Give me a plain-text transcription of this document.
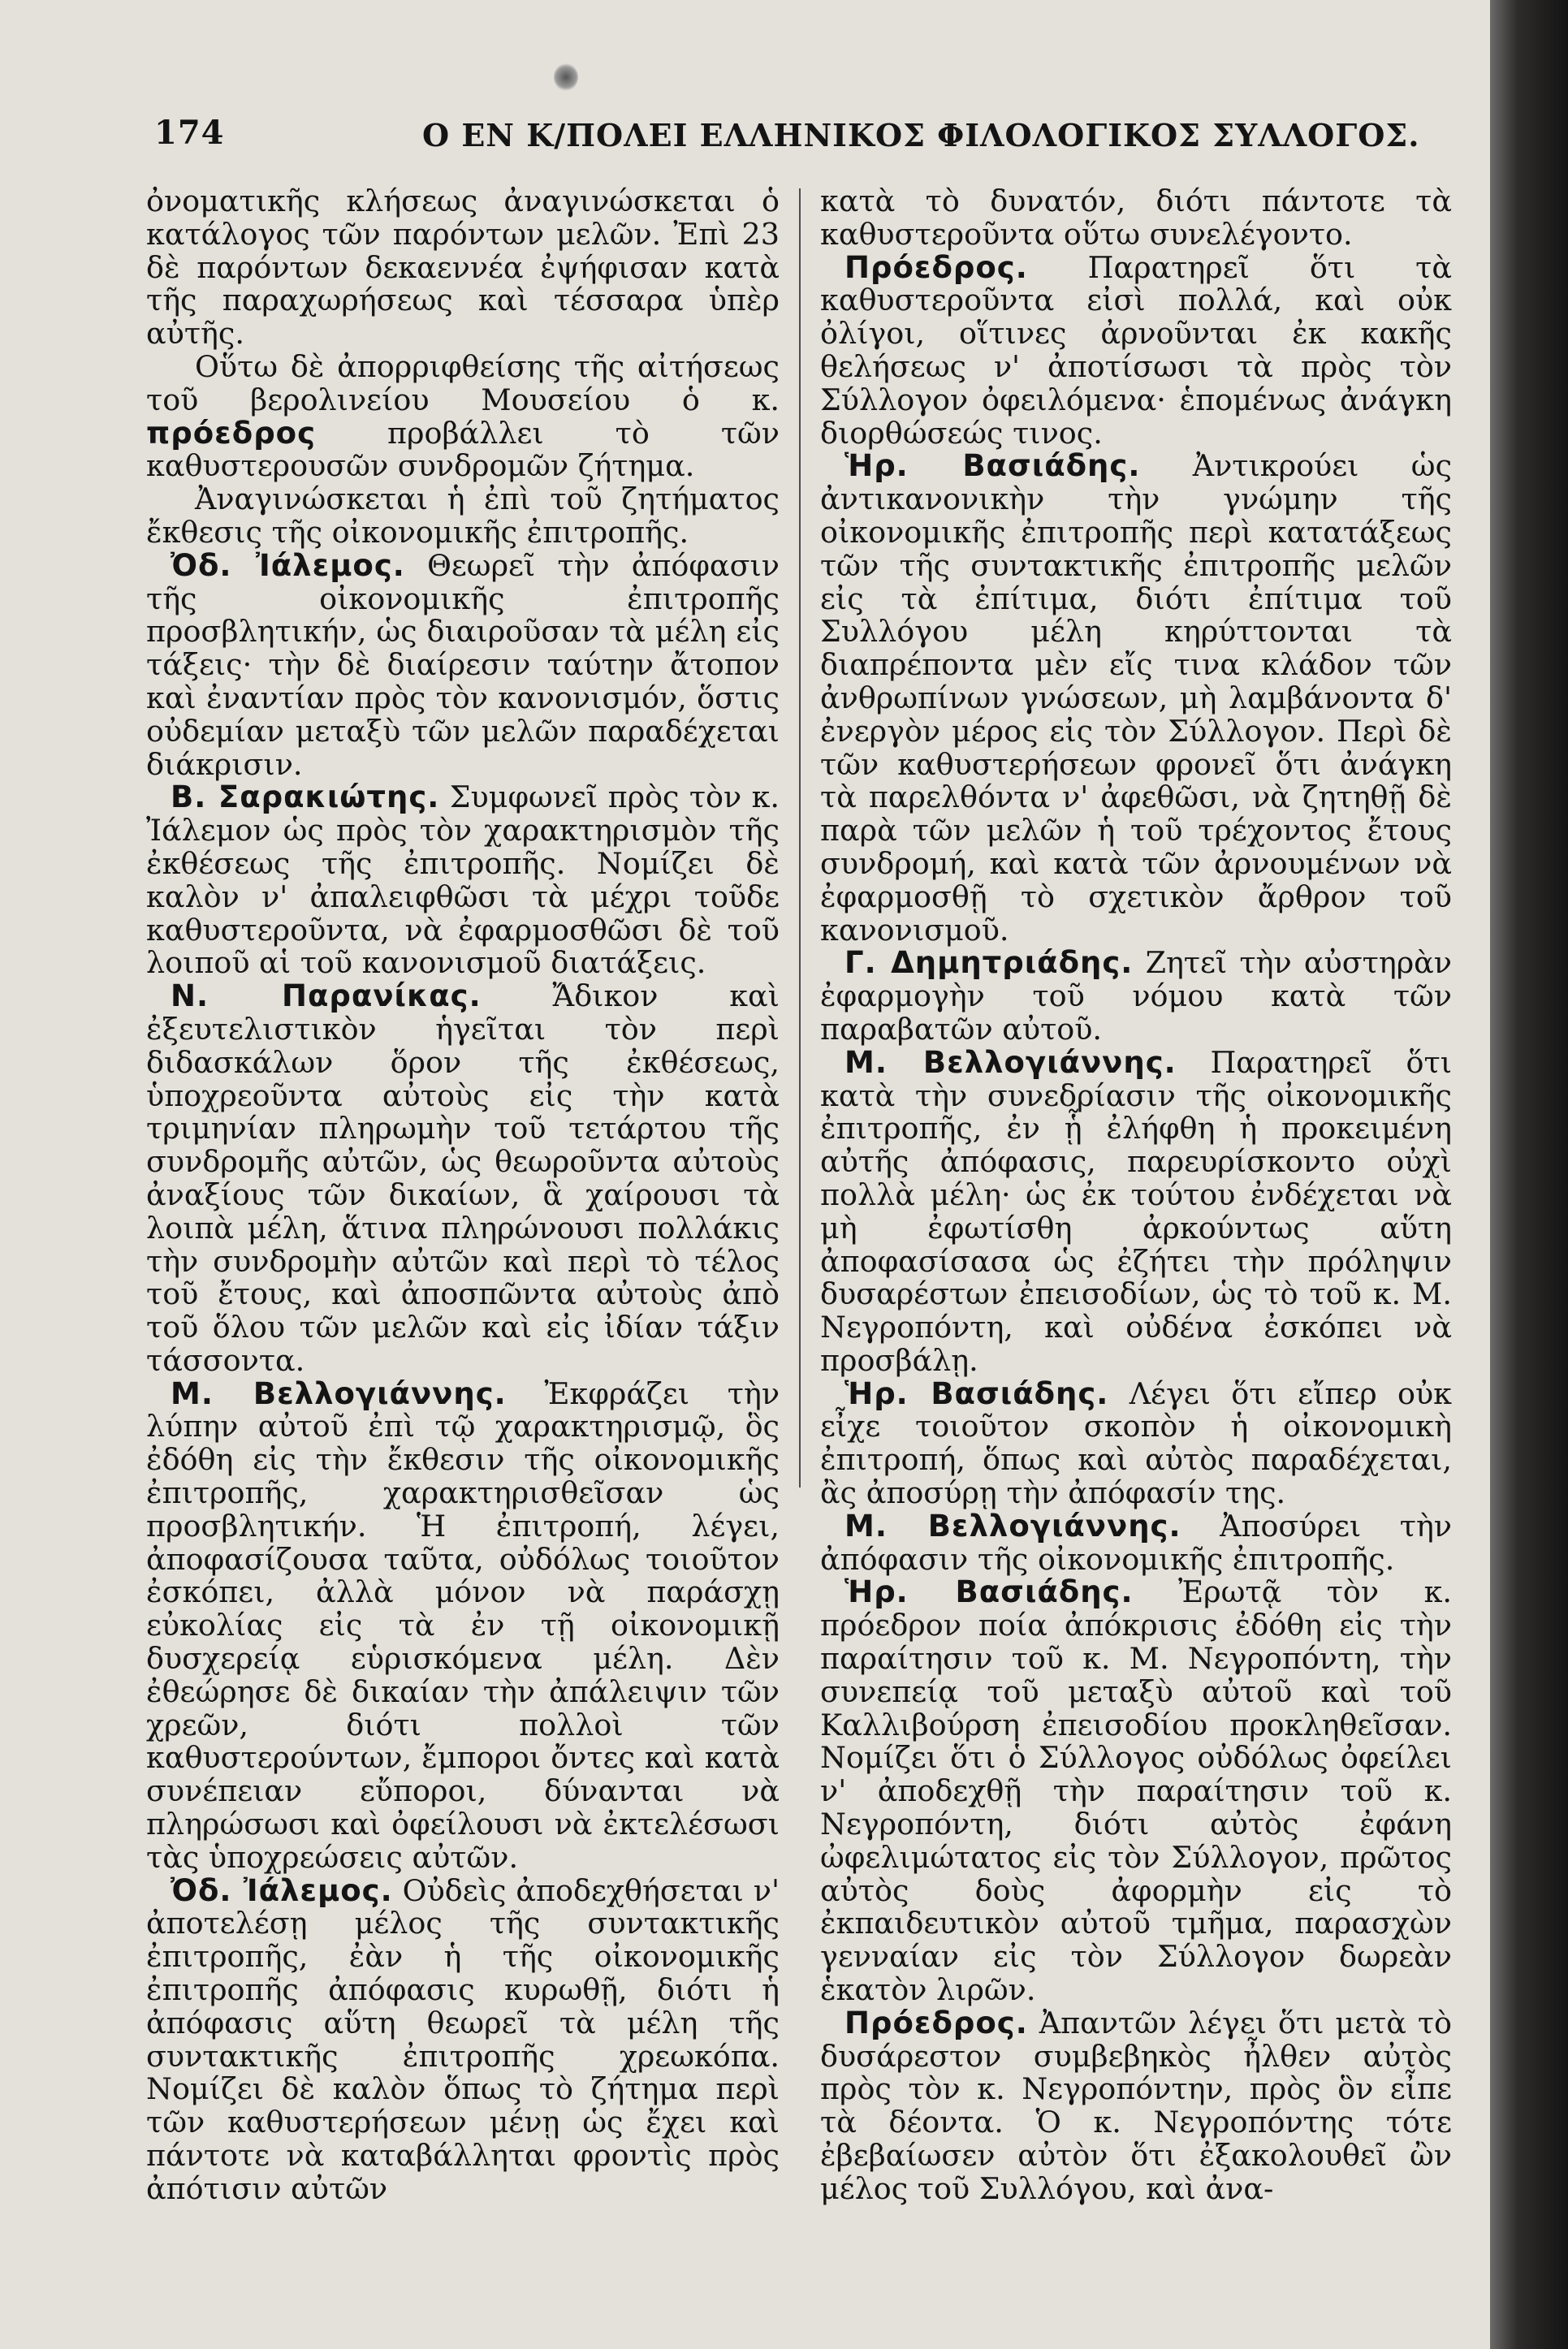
174	Ο ΕΝ Κ/ΠΟΛΕΙ ΕΛΛΗΝΙΚΟΣ ΦΙΛΟΛΟΓΙΚΟΣ ΣΥΛΛΟΓΟΣ.

ὀνοματικῆς κλήσεως ἀναγινώσκεται ὁ κατάλογος τῶν παρόντων μελῶν. Ἐπὶ 23 δὲ παρόντων δεκαεννέα ἐψήφισαν κατὰ τῆς παραχωρήσεως καὶ τέσσαρα ὑπὲρ αὐτῆς.

Οὕτω δὲ ἀπορριφθείσης τῆς αἰτήσεως τοῦ βερολινείου Μουσείου ὁ κ. πρόεδρος προβάλλει τὸ τῶν καθυστερουσῶν συνδρομῶν ζήτημα.

Ἀναγινώσκεται ἡ ἐπὶ τοῦ ζητήματος ἔκθεσις τῆς οἰκονομικῆς ἐπιτροπῆς.

Ὀδ. Ἰάλεμος. Θεωρεῖ τὴν ἀπόφασιν τῆς οἰκονομικῆς ἐπιτροπῆς προσβλητικήν, ὡς διαιροῦσαν τὰ μέλη εἰς τάξεις· τὴν δὲ διαίρεσιν ταύτην ἄτοπον καὶ ἐναντίαν πρὸς τὸν κανονισμόν, ὅστις οὐδεμίαν μεταξὺ τῶν μελῶν παραδέχεται διάκρισιν.

Β. Σαρακιώτης. Συμφωνεῖ πρὸς τὸν κ. Ἰάλεμον ὡς πρὸς τὸν χαρακτηρισμὸν τῆς ἐκθέσεως τῆς ἐπιτροπῆς. Νομίζει δὲ καλὸν ν' ἀπαλειφθῶσι τὰ μέχρι τοῦδε καθυστεροῦντα, νὰ ἐφαρμοσθῶσι δὲ τοῦ λοιποῦ αἱ τοῦ κανονισμοῦ διατάξεις.

Ν. Παρανίκας. Ἄδικον καὶ ἐξευτελιστικὸν ἡγεῖται τὸν περὶ διδασκάλων ὅρον τῆς ἐκθέσεως, ὑποχρεοῦντα αὐτοὺς εἰς τὴν κατὰ τριμηνίαν πληρωμὴν τοῦ τετάρτου τῆς συνδρομῆς αὐτῶν, ὡς θεωροῦντα αὐτοὺς ἀναξίους τῶν δικαίων, ἃ χαίρουσι τὰ λοιπὰ μέλη, ἅτινα πληρώνουσι πολλάκις τὴν συνδρομὴν αὐτῶν καὶ περὶ τὸ τέλος τοῦ ἔτους, καὶ ἀποσπῶντα αὐτοὺς ἀπὸ τοῦ ὅλου τῶν μελῶν καὶ εἰς ἰδίαν τάξιν τάσσοντα.

Μ. Βελλογιάννης. Ἐκφράζει τὴν λύπην αὐτοῦ ἐπὶ τῷ χαρακτηρισμῷ, ὃς ἐδόθη εἰς τὴν ἔκθεσιν τῆς οἰκονομικῆς ἐπιτροπῆς, χαρακτηρισθεῖσαν ὡς προσβλητικήν. Ἡ ἐπιτροπή, λέγει, ἀποφασίζουσα ταῦτα, οὐδόλως τοιοῦτον ἐσκόπει, ἀλλὰ μόνον νὰ παράσχῃ εὐκολίας εἰς τὰ ἐν τῇ οἰκονομικῇ δυσχερείᾳ εὑρισκόμενα μέλη. Δὲν ἐθεώρησε δὲ δικαίαν τὴν ἀπάλειψιν τῶν χρεῶν, διότι πολλοὶ τῶν καθυστερούντων, ἔμποροι ὄντες καὶ κατὰ συνέπειαν εὔποροι, δύνανται νὰ πληρώσωσι καὶ ὀφείλουσι νὰ ἐκτελέσωσι τὰς ὑποχρεώσεις αὐτῶν.

Ὀδ. Ἰάλεμος. Οὐδεὶς ἀποδεχθήσεται ν' ἀποτελέσῃ μέλος τῆς συντακτικῆς ἐπιτροπῆς, ἐὰν ἡ τῆς οἰκονομικῆς ἐπιτροπῆς ἀπόφασις κυρωθῇ, διότι ἡ ἀπόφασις αὕτη θεωρεῖ τὰ μέλη τῆς συντακτικῆς ἐπιτροπῆς χρεωκόπα. Νομίζει δὲ καλὸν ὅπως τὸ ζήτημα περὶ τῶν καθυστερήσεων μένῃ ὡς ἔχει καὶ πάντοτε νὰ καταβάλληται φροντὶς πρὸς ἀπότισιν αὐτῶν

κατὰ τὸ δυνατόν, διότι πάντοτε τὰ καθυστεροῦντα οὕτω συνελέγοντο.

Πρόεδρος. Παρατηρεῖ ὅτι τὰ καθυστεροῦντα εἰσὶ πολλά, καὶ οὐκ ὀλίγοι, οἵτινες ἀρνοῦνται ἐκ κακῆς θελήσεως ν' ἀποτίσωσι τὰ πρὸς τὸν Σύλλογον ὀφειλόμενα· ἑπομένως ἀνάγκη διορθώσεώς τινος.

Ἡρ. Βασιάδης. Ἀντικρούει ὡς ἀντικανονικὴν τὴν γνώμην τῆς οἰκονομικῆς ἐπιτροπῆς περὶ κατατάξεως τῶν τῆς συντακτικῆς ἐπιτροπῆς μελῶν εἰς τὰ ἐπίτιμα, διότι ἐπίτιμα τοῦ Συλλόγου μέλη κηρύττονται τὰ διαπρέποντα μὲν εἴς τινα κλάδον τῶν ἀνθρωπίνων γνώσεων, μὴ λαμβάνοντα δ' ἐνεργὸν μέρος εἰς τὸν Σύλλογον. Περὶ δὲ τῶν καθυστερήσεων φρονεῖ ὅτι ἀνάγκη τὰ παρελθόντα ν' ἀφεθῶσι, νὰ ζητηθῇ δὲ παρὰ τῶν μελῶν ἡ τοῦ τρέχοντος ἔτους συνδρομή, καὶ κατὰ τῶν ἀρνουμένων νὰ ἐφαρμοσθῇ τὸ σχετικὸν ἄρθρον τοῦ κανονισμοῦ.

Γ. Δημητριάδης. Ζητεῖ τὴν αὐστηρὰν ἐφαρμογὴν τοῦ νόμου κατὰ τῶν παραβατῶν αὐτοῦ.

Μ. Βελλογιάννης. Παρατηρεῖ ὅτι κατὰ τὴν συνεδρίασιν τῆς οἰκονομικῆς ἐπιτροπῆς, ἐν ᾗ ἐλήφθη ἡ προκειμένη αὐτῆς ἀπόφασις, παρευρίσκοντο οὐχὶ πολλὰ μέλη· ὡς ἐκ τούτου ἐνδέχεται νὰ μὴ ἐφωτίσθη ἀρκούντως αὕτη ἀποφασίσασα ὡς ἐζήτει τὴν πρόληψιν δυσαρέστων ἐπεισοδίων, ὡς τὸ τοῦ κ. Μ. Νεγροπόντη, καὶ οὐδένα ἐσκόπει νὰ προσβάλῃ.

Ἡρ. Βασιάδης. Λέγει ὅτι εἴπερ οὐκ εἶχε τοιοῦτον σκοπὸν ἡ οἰκονομικὴ ἐπιτροπή, ὅπως καὶ αὐτὸς παραδέχεται, ἂς ἀποσύρῃ τὴν ἀπόφασίν της.

Μ. Βελλογιάννης. Ἀποσύρει τὴν ἀπόφασιν τῆς οἰκονομικῆς ἐπιτροπῆς.

Ἡρ. Βασιάδης. Ἐρωτᾷ τὸν κ. πρόεδρον ποία ἀπόκρισις ἐδόθη εἰς τὴν παραίτησιν τοῦ κ. Μ. Νεγροπόντη, τὴν συνεπείᾳ τοῦ μεταξὺ αὐτοῦ καὶ τοῦ Καλλιβούρση ἐπεισοδίου προκληθεῖσαν. Νομίζει ὅτι ὁ Σύλλογος οὐδόλως ὀφείλει ν' ἀποδεχθῇ τὴν παραίτησιν τοῦ κ. Νεγροπόντη, διότι αὐτὸς ἐφάνη ὠφελιμώτατος εἰς τὸν Σύλλογον, πρῶτος αὐτὸς δοὺς ἀφορμὴν εἰς τὸ ἐκπαιδευτικὸν αὐτοῦ τμῆμα, παρασχὼν γενναίαν εἰς τὸν Σύλλογον δωρεὰν ἑκατὸν λιρῶν.

Πρόεδρος. Ἀπαντῶν λέγει ὅτι μετὰ τὸ δυσάρεστον συμβεβηκὸς ἦλθεν αὐτὸς πρὸς τὸν κ. Νεγροπόντην, πρὸς ὃν εἶπε τὰ δέοντα. Ὁ κ. Νεγροπόντης τότε ἐβεβαίωσεν αὐτὸν ὅτι ἐξακολουθεῖ ὢν μέλος τοῦ Συλλόγου, καὶ ἀνα-
